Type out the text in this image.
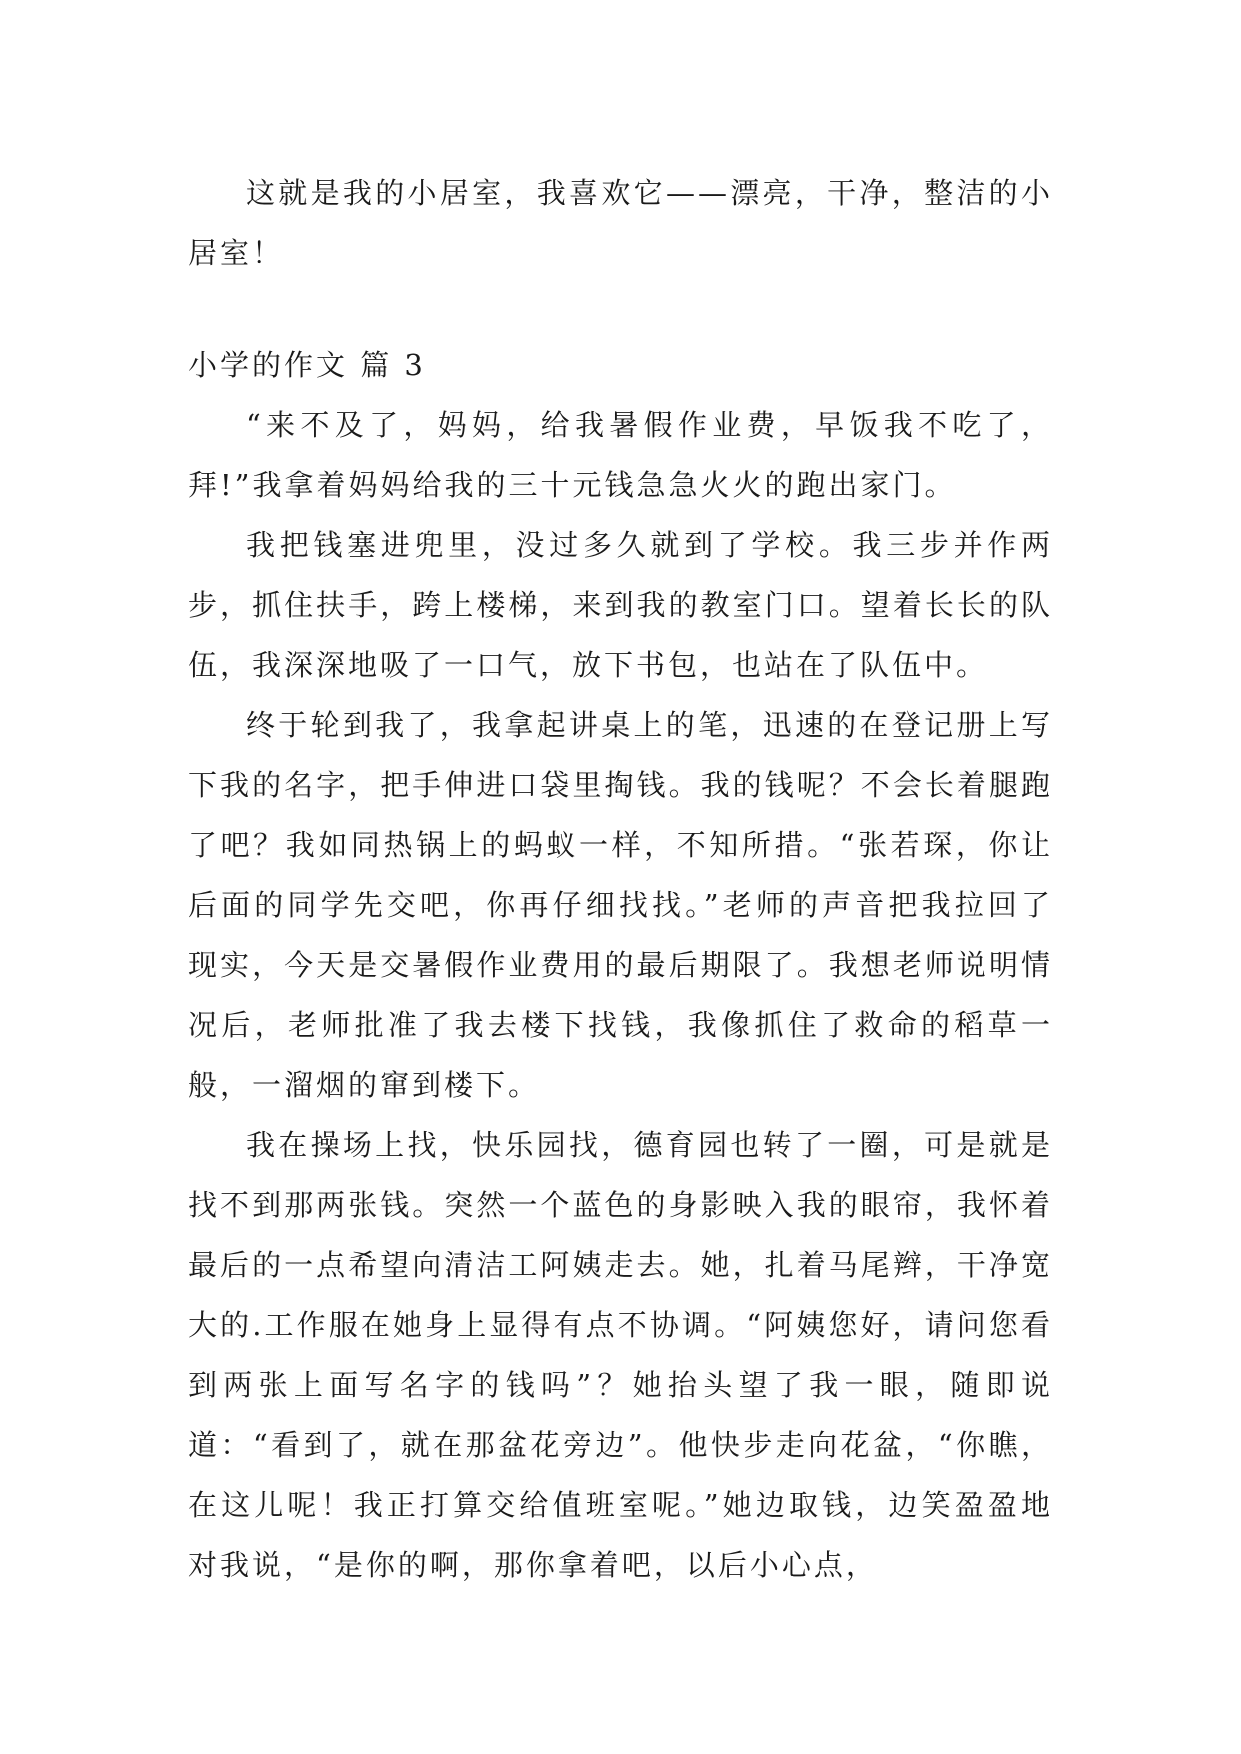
这就是我的小居室，我喜欢它——漂亮，干净，整洁的小居室！

小学的作文 篇 3

“来不及了，妈妈，给我暑假作业费，早饭我不吃了，拜!”我拿着妈妈给我的三十元钱急急火火的跑出家门。

我把钱塞进兜里，没过多久就到了学校。我三步并作两步，抓住扶手，跨上楼梯，来到我的教室门口。望着长长的队伍，我深深地吸了一口气，放下书包，也站在了队伍中。

终于轮到我了，我拿起讲桌上的笔，迅速的在登记册上写下我的名字，把手伸进口袋里掏钱。我的钱呢？不会长着腿跑了吧？我如同热锅上的蚂蚁一样，不知所措。“张若琛，你让后面的同学先交吧，你再仔细找找。”老师的声音把我拉回了现实，今天是交暑假作业费用的最后期限了。我想老师说明情况后，老师批准了我去楼下找钱，我像抓住了救命的稻草一般，一溜烟的窜到楼下。

我在操场上找，快乐园找，德育园也转了一圈，可是就是找不到那两张钱。突然一个蓝色的身影映入我的眼帘，我怀着最后的一点希望向清洁工阿姨走去。她，扎着马尾辫，干净宽大的.工作服在她身上显得有点不协调。“阿姨您好，请问您看到两张上面写名字的钱吗”？她抬头望了我一眼，随即说道：“看到了，就在那盆花旁边”。他快步走向花盆，“你瞧，在这儿呢！我正打算交给值班室呢。”她边取钱，边笑盈盈地对我说，“是你的啊，那你拿着吧，以后小心点，
